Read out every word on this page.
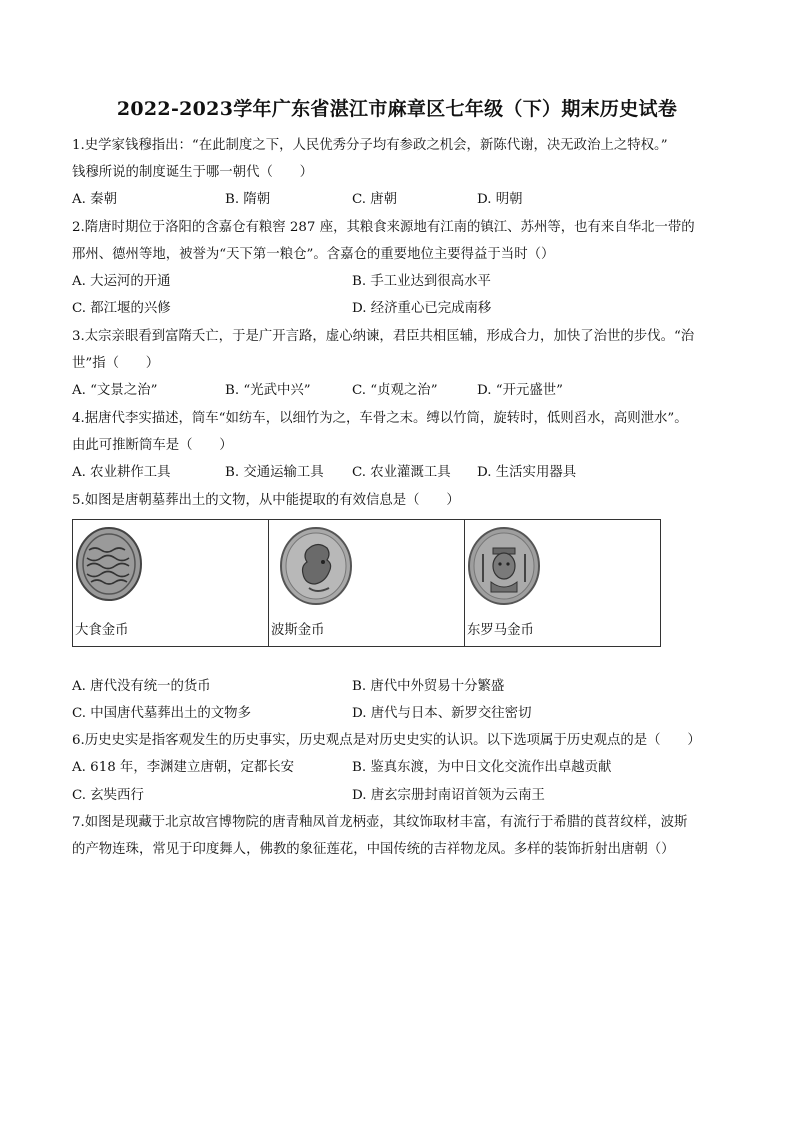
2022-2023学年广东省湛江市麻章区七年级（下）期末历史试卷
1.史学家钱穆指出：“在此制度之下，人民优秀分子均有参政之机会，新陈代谢，决无政治上之特权。”
钱穆所说的制度诞生于哪一朝代（　　）
A. 秦朝	B. 隋朝	C. 唐朝	D. 明朝
2.隋唐时期位于洛阳的含嘉仓有粮窖 287 座，其粮食来源地有江南的镇江、苏州等，也有来自华北一带的
邢州、德州等地，被誉为“天下第一粮仓”。含嘉仓的重要地位主要得益于当时（）
A. 大运河的开通	B. 手工业达到很高水平
C. 都江堰的兴修	D. 经济重心已完成南移
3.太宗亲眼看到富隋夭亡，于是广开言路，虚心纳谏，君臣共相匡辅，形成合力，加快了治世的步伐。“治
世”指（　　）
A. “文景之治”	B. “光武中兴”	C. “贞观之治”	D. “开元盛世”
4.据唐代李实描述，筒车“如纺车，以细竹为之，车骨之末。缚以竹筒，旋转时，低则舀水，高则泄水”。
由此可推断筒车是（　　）
A. 农业耕作工具	B. 交通运输工具 C. 农业灌溉工具 D. 生活实用器具
5.如图是唐朝墓葬出土的文物，从中能提取的有效信息是（　　）
大食金币	波斯金币	东罗马金币
A. 唐代没有统一的货币	B. 唐代中外贸易十分繁盛
C. 中国唐代墓葬出土的文物多	D. 唐代与日本、新罗交往密切
6.历史史实是指客观发生的历史事实，历史观点是对历史史实的认识。以下选项属于历史观点的是（　　）
A. 618 年，李渊建立唐朝，定都长安	B. 鉴真东渡，为中日文化交流作出卓越贡献
C. 玄奘西行	D. 唐玄宗册封南诏首领为云南王
7.如图是现藏于北京故宫博物院的唐青釉凤首龙柄壶，其纹饰取材丰富，有流行于希腊的莨苕纹样，波斯
的产物连珠，常见于印度舞人，佛教的象征莲花，中国传统的吉祥物龙凤。多样的装饰折射出唐朝（）
